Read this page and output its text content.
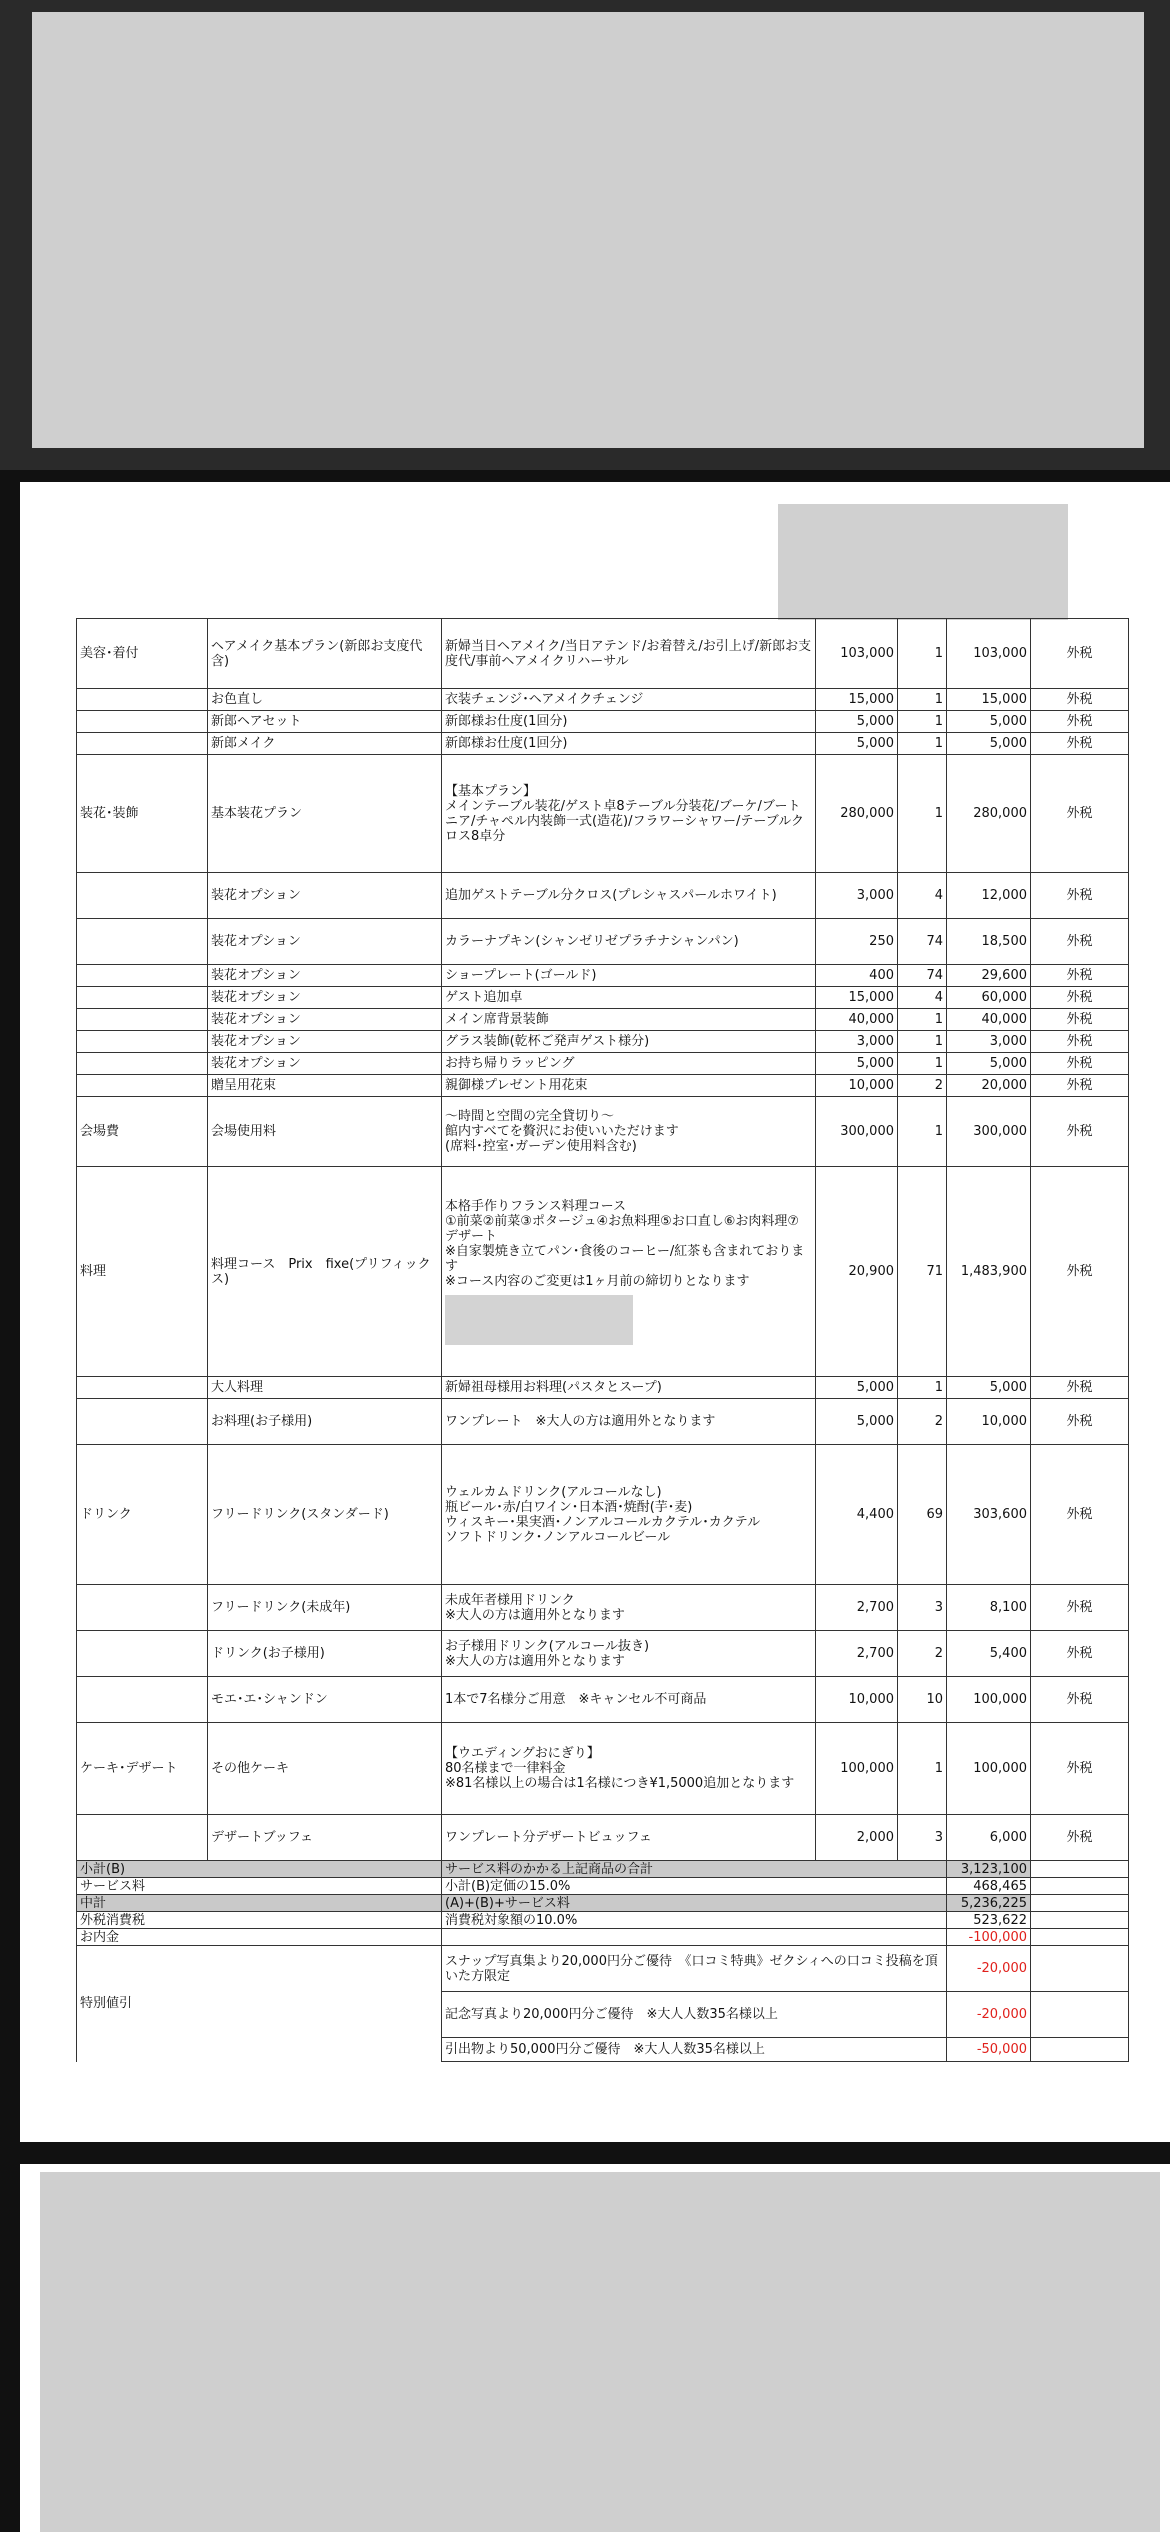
美容･着付	ヘアメイク基本プラン(新郎お支度代含)	新婦当日ヘアメイク/当日アテンド/お着替え/お引上げ/新郎お支度代/事前ヘアメイクリハーサル	103,000	1	103,000	外税
	お色直し	衣装チェンジ･ヘアメイクチェンジ	15,000	1	15,000	外税
	新郎ヘアセット	新郎様お仕度(1回分)	5,000	1	5,000	外税
	新郎メイク	新郎様お仕度(1回分)	5,000	1	5,000	外税
装花･装飾	基本装花プラン	【基本プラン】
メインテーブル装花/ゲスト卓8テーブル分装花/ブーケ/ブートニア/チャペル内装飾一式(造花)/フラワーシャワー/テーブルクロス8卓分	280,000	1	280,000	外税
	装花オプション	追加ゲストテーブル分クロス(プレシャスパールホワイト)	3,000	4	12,000	外税
	装花オプション	カラーナプキン(シャンゼリゼプラチナシャンパン)	250	74	18,500	外税
	装花オプション	ショープレート(ゴールド)	400	74	29,600	外税
	装花オプション	ゲスト追加卓	15,000	4	60,000	外税
	装花オプション	メイン席背景装飾	40,000	1	40,000	外税
	装花オプション	グラス装飾(乾杯ご発声ゲスト様分)	3,000	1	3,000	外税
	装花オプション	お持ち帰りラッピング	5,000	1	5,000	外税
	贈呈用花束	親御様プレゼント用花束	10,000	2	20,000	外税
会場費	会場使用料	～時間と空間の完全貸切り～
館内すべてを贅沢にお使いいただけます
(席料･控室･ガーデン使用料含む)	300,000	1	300,000	外税
料理	料理コース　Prix　fixe(プリフィックス)	本格手作りフランス料理コース
①前菜②前菜③ポタージュ④お魚料理⑤お口直し⑥お肉料理⑦デザート
※自家製焼き立てパン･食後のコーヒー/紅茶も含まれております
※コース内容のご変更は1ヶ月前の締切りとなります	20,900	71	1,483,900	外税
	大人料理	新婦祖母様用お料理(パスタとスープ)	5,000	1	5,000	外税
	お料理(お子様用)	ワンプレート　※大人の方は適用外となります	5,000	2	10,000	外税
ドリンク	フリードリンク(スタンダード)	ウェルカムドリンク(アルコールなし)
瓶ビール･赤/白ワイン･日本酒･焼酎(芋･麦)
ウィスキー･果実酒･ノンアルコールカクテル･カクテル
ソフトドリンク･ノンアルコールビール	4,400	69	303,600	外税
	フリードリンク(未成年)	未成年者様用ドリンク
※大人の方は適用外となります	2,700	3	8,100	外税
	ドリンク(お子様用)	お子様用ドリンク(アルコール抜き)
※大人の方は適用外となります	2,700	2	5,400	外税
	モエ･エ･シャンドン	1本で7名様分ご用意　※キャンセル不可商品	10,000	10	100,000	外税
ケーキ･デザート	その他ケーキ	【ウエディングおにぎり】
80名様まで一律料金
※81名様以上の場合は1名様につき¥1,5000追加となります	100,000	1	100,000	外税
	デザートブッフェ	ワンプレート分デザートビュッフェ	2,000	3	6,000	外税
小計(B)		サービス料のかかる上記商品の合計			3,123,100	
サービス料		小計(B)定価の15.0%			468,465	
中計		(A)+(B)+サービス料			5,236,225	
外税消費税		消費税対象額の10.0%			523,622	
お内金					-100,000	
特別値引		スナップ写真集より20,000円分ご優待　《口コミ特典》ゼクシィへの口コミ投稿を頂いた方限定			-20,000	
		記念写真より20,000円分ご優待　※大人人数35名様以上			-20,000	
		引出物より50,000円分ご優待　※大人人数35名様以上			-50,000	
